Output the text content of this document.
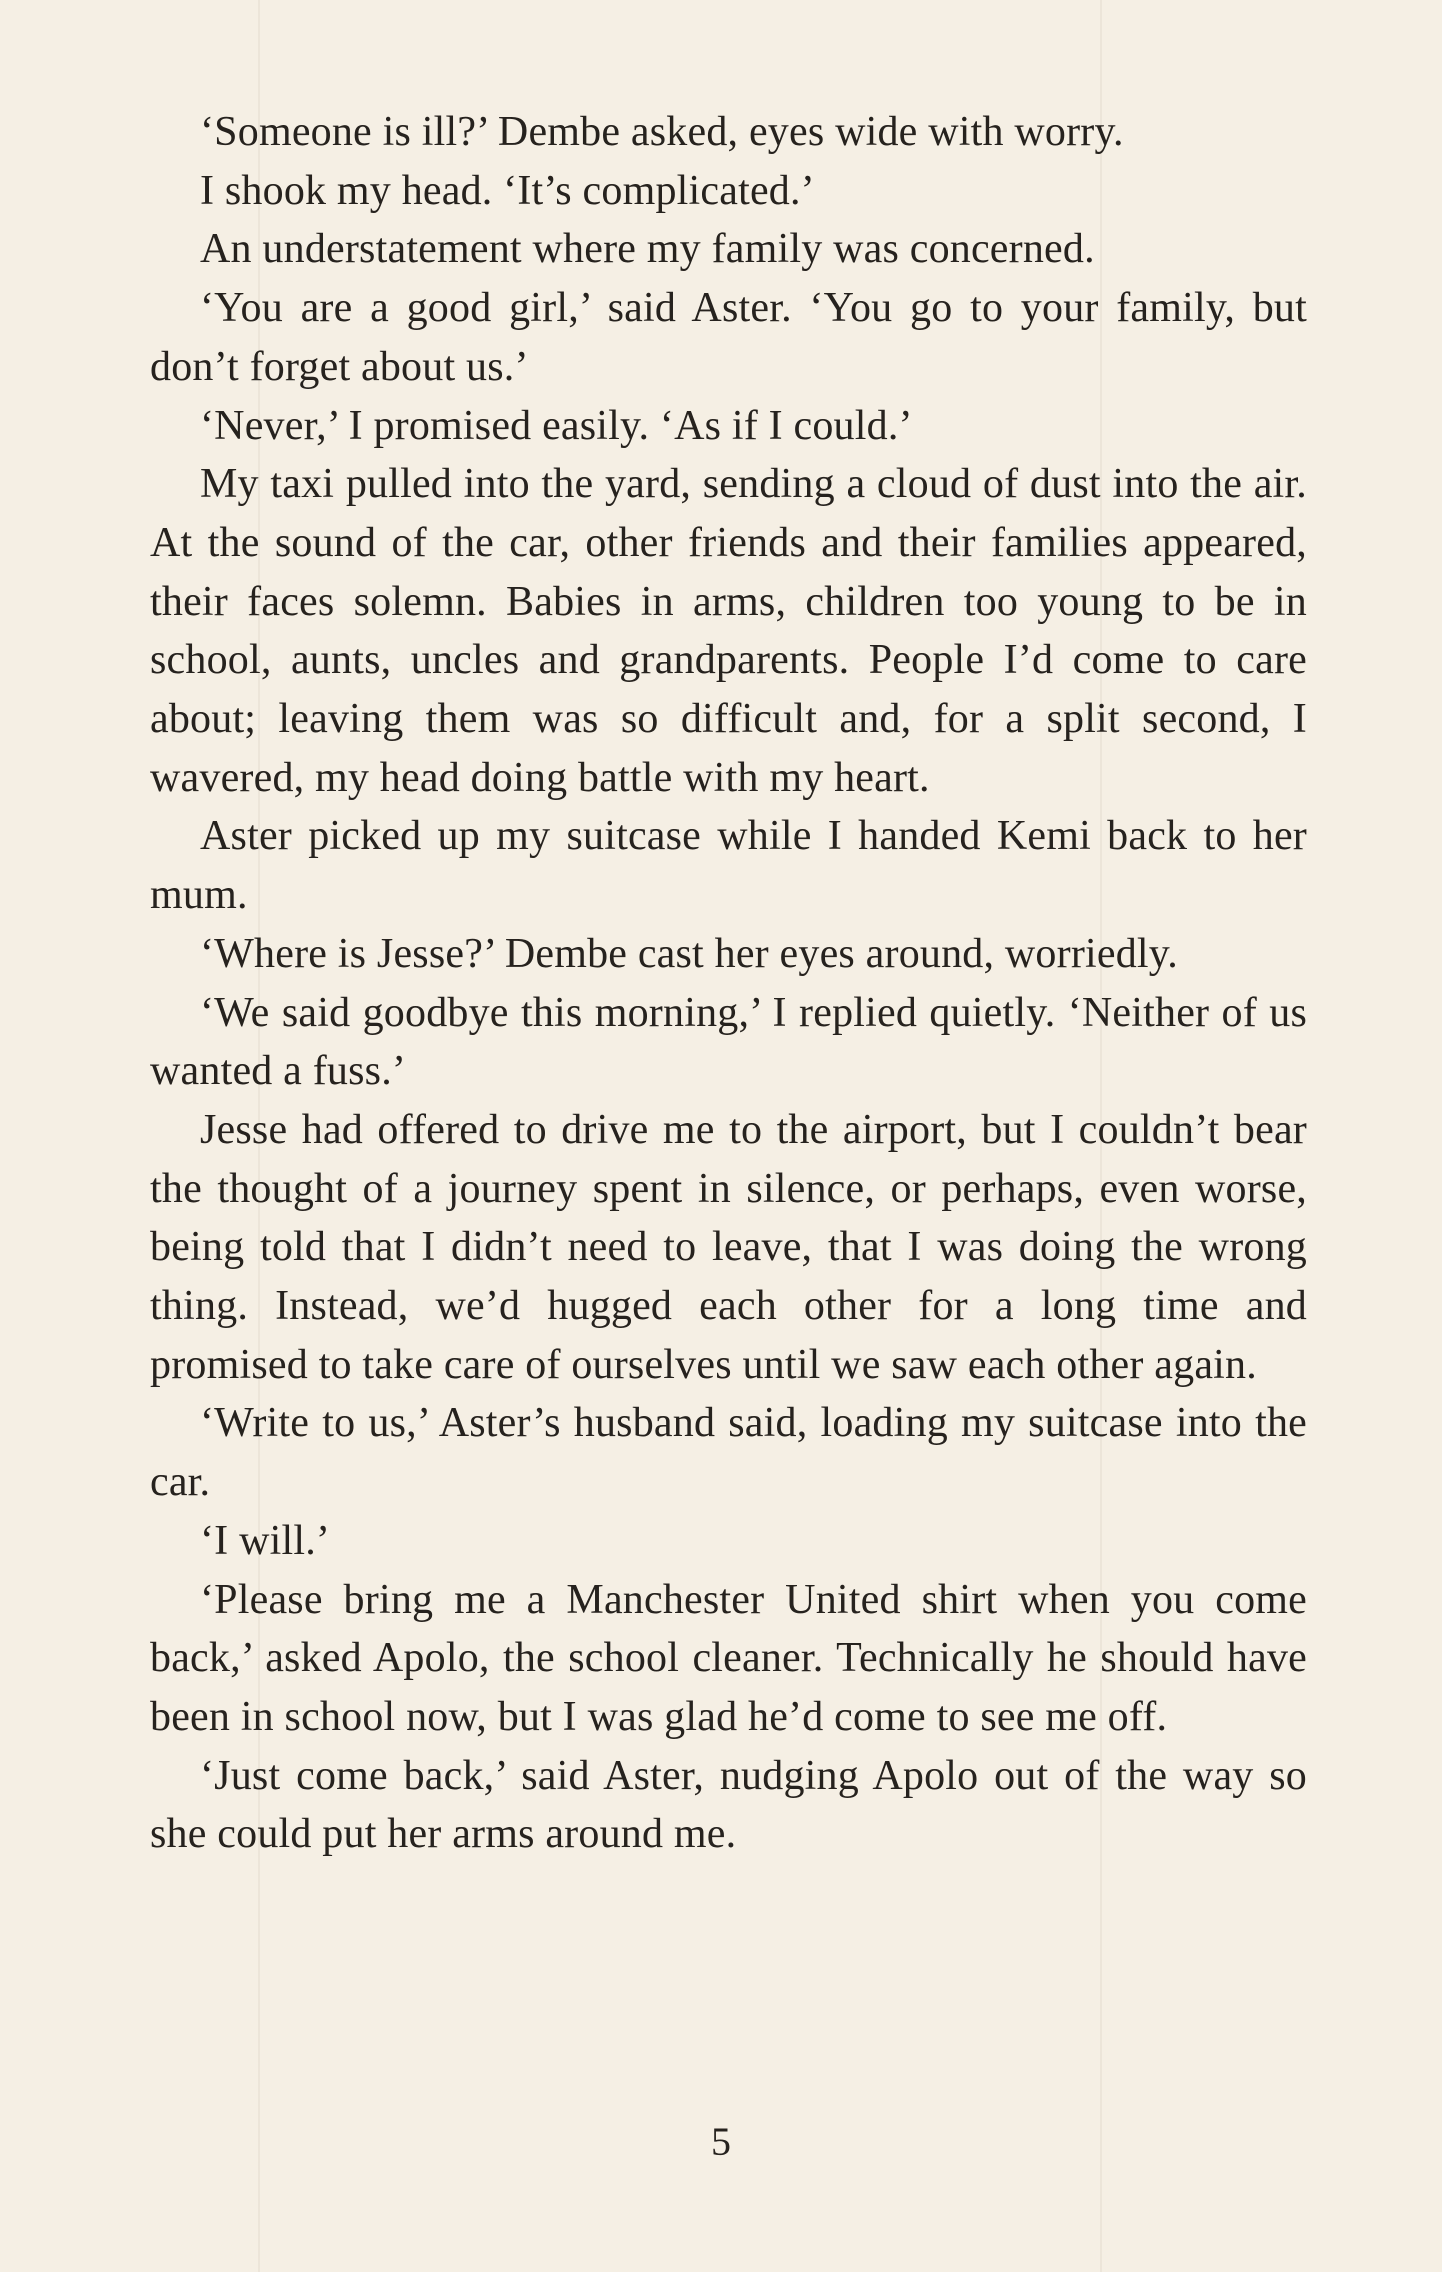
‘Someone is ill?’ Dembe asked, eyes wide with worry.

I shook my head. ‘It’s complicated.’

An understatement where my family was concerned.

‘You are a good girl,’ said Aster. ‘You go to your family, but don’t forget about us.’

‘Never,’ I promised easily. ‘As if I could.’

My taxi pulled into the yard, sending a cloud of dust into the air. At the sound of the car, other friends and their families appeared, their faces solemn. Babies in arms, children too young to be in school, aunts, uncles and grandparents. People I’d come to care about; leaving them was so difficult and, for a split second, I wavered, my head doing battle with my heart.

Aster picked up my suitcase while I handed Kemi back to her mum.

‘Where is Jesse?’ Dembe cast her eyes around, worriedly.

‘We said goodbye this morning,’ I replied quietly. ‘Neither of us wanted a fuss.’

Jesse had offered to drive me to the airport, but I couldn’t bear the thought of a journey spent in silence, or perhaps, even worse, being told that I didn’t need to leave, that I was doing the wrong thing. Instead, we’d hugged each other for a long time and promised to take care of ourselves until we saw each other again.

‘Write to us,’ Aster’s husband said, loading my suitcase into the car.

‘I will.’

‘Please bring me a Manchester United shirt when you come back,’ asked Apolo, the school cleaner. Technically he should have been in school now, but I was glad he’d come to see me off.

‘Just come back,’ said Aster, nudging Apolo out of the way so she could put her arms around me.

5
